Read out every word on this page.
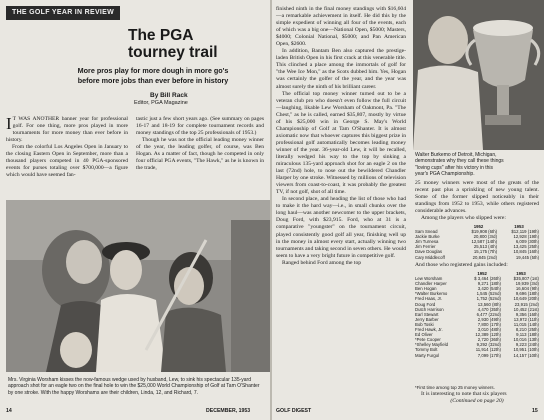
THE GOLF YEAR IN REVIEW
The PGA
tourney trail
More pros play for more dough in more go's
before more jobs than ever before in history
By Bill Rack
Editor, PGA Magazine

I T WAS ANOTHER banner year for professional golf. For one thing, more pros played in more tournaments for more money than ever before in history.

From the colorful Los Angeles Open in January to the closing Eastern Open in September, more than a thousand players competed in 40 PGA-sponsored events for purses totaling over $700,000—a figure which would have seemed fan-

tastic just a few short years ago. (See summary on pages 16-17 and 18-19 for complete tournament records and money standings of the top 25 professionals of 1953.)

Though he was not the official leading money winner of the year, the leading golfer, of course, was Ben Hogan. As a matter of fact, though he competed in only four official PGA events, "The Hawk," as he is known in the trade,

Mrs. Virginia Worsham kisses the now-famous wedge used by husband, Lew, to sink his spectacular 135-yard approach shot for an eagle two on the final hole to win the $25,000 World Championship of Golf at Tam O'Shanter by one stroke. With the happy Worshams are their children, Linda, 12, and Richard, 7.
14	DECEMBER, 1953

finished ninth in the final money standings with $16,604—a remarkable achievement in itself. He did this by the simple expedient of winning all four of the events, each of which was a big one—National Open, $5000; Masters, $4000; Colonial National, $5000; and Pan American Open, $2600.

In addition, Bantam Ben also captured the prestige-laden British Open in his first crack at this venerable title. This clinched a place among the immortals of golf for "the Wee Ice Mon," as the Scots dubbed him. Yes, Hogan was certainly the golfer of the year, and the year was almost surely the ninth of his brilliant career.

The official top money winner turned out to be a veteran club pro who doesn't even follow the full circuit—laughing, likable Lew Worsham of Oakmont, Pa. "The Chest," as he is called, earned $35,807, mostly by virtue of his $25,000 win in George S. May's World Championship of Golf at Tam O'Shanter. It is almost axiomatic now that whoever captures this biggest prize in professional golf automatically becomes leading money winner of the year. 36-year-old Lew, it will be recalled, literally wedged his way to the top by sinking a miraculous 135-yard approach shot for an eagle 2 on the last (72nd) hole, to nose out the bewildered Chandler Harper by one stroke. Witnessed by millions of television viewers from coast-to-coast, it was probably the greatest TV, if not golf, shot of all time.

In second place, and heading the list of those who had to make it the hard way—i.e., in small chunks over the long haul—was another newcomer to the upper brackets, Doug Ford, with $23,915. Ford, who at 31 is a comparative "youngster" on the tournament circuit, played consistently good golf all year, finishing well up in the money in almost every start, actually winning two tournaments and taking second in seven others. He would seem to have a very bright future in competitive golf.

Ranged behind Ford among the top

Walter Burkemo of Detroit, Michigan,
demonstrates why they call these things
"loving cups" after his victory in this
year's PGA Championship.

25 money winners were most of the greats of the recent past plus a sprinkling of new young talent. Some of the former slipped noticeably in their standings from 1952 to 1953, while others registered considerable advances.

Among the players who slipped were:

	1952	1953
Sam Snead	$19,908 (6th)	$12,119 (19th)
Jackie Burke	20,800 (3rd)	12,928 (19th)
Jim Turnesa	12,587 (14th)	6,009 (30th)
Jim Ferrier	25,513 (4th)	13,425 (25th)
Dave Douglas	15,175 (7th)	10,845 (16th)
Cary Middlecoff	20,845 (2nd)	19,445 (5th)
And those who registered gains included:
	1952	1953
Lew Worsham	$ 3,464 (26th)	$35,807 (1st)
Chandler Harper	9,271 (18th)	19,939 (3rd)
Ben Hogan	3,420 (54th)	16,604 (9th)
*Walter Burkemo	1,545 (52nd)	9,696 (18th)
Fred Haas, Jr.	1,752 (52nd)	10,649 (20th)
Doug Ford	13,560 (8th)	23,915 (2nd)
Dutch Harrison	4,470 (35th)	10,452 (21st)
Earl Stewart	6,477 (22nd)	9,356 (16th)
Jerry Barber	2,930 (49th)	13,972 (11th)
Bob Toski	7,800 (17th)	11,015 (14th)
Fred Hawk, Jr.	3,010 (48th)	8,210 (25th)
Ed Oliver	12,389 (12th)	9,113 (18th)
*Pete Cooper	2,720 (36th)	10,016 (13th)
*Shelley Mayfield	9,292 (32nd)	9,223 (24th)
Tommy Bolt	11,914 (12th)	10,951 (10th)
Marty Furgol	7,099 (17th)	14,157 (10th)
*First time among top 25 money winners.
It is interesting to note that six players
(Continued on page 20)
GOLF DIGEST	15
